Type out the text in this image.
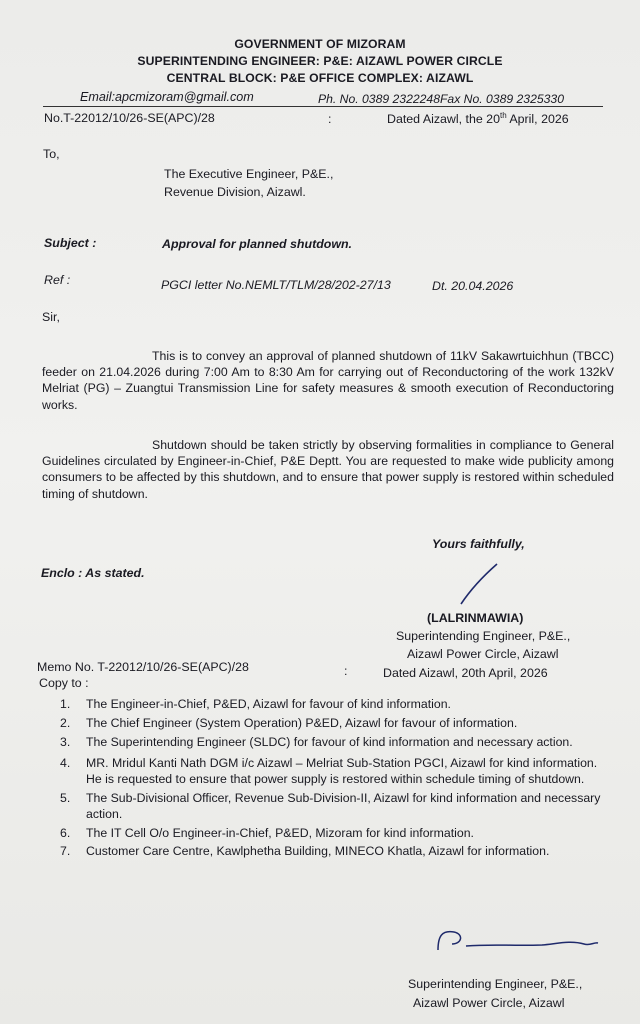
GOVERNMENT OF MIZORAM
SUPERINTENDING ENGINEER: P&E: AIZAWL POWER CIRCLE
CENTRAL BLOCK: P&E OFFICE COMPLEX: AIZAWL
Email:apcmizoram@gmail.com	Ph. No. 0389 2322248Fax No. 0389 2325330
No.T-22012/10/26-SE(APC)/28	:	Dated Aizawl, the 20th April, 2026
To,
The Executive Engineer, P&E.,
Revenue Division, Aizawl.
Subject :	Approval for planned shutdown.
Ref :	PGCI letter No.NEMLT/TLM/28/202-27/13	Dt. 20.04.2026
Sir,
This is to convey an approval of planned shutdown of 11kV Sakawrtuichhun (TBCC) feeder on 21.04.2026 during 7:00 Am to 8:30 Am for carrying out of Reconductoring of the work 132kV Melriat (PG) – Zuangtui Transmission Line for safety measures & smooth execution of Reconductoring works.
Shutdown should be taken strictly by observing formalities in compliance to General Guidelines circulated by Engineer-in-Chief, P&E Deptt. You are requested to make wide publicity among consumers to be affected by this shutdown, and to ensure that power supply is restored within scheduled timing of shutdown.
Yours faithfully,
Enclo : As stated.
(LALRINMAWIA)
Superintending Engineer, P&E.,
Aizawl Power Circle, Aizawl
Dated Aizawl, 20th April, 2026
Memo No. T-22012/10/26-SE(APC)/28	:
Copy to :
1. The Engineer-in-Chief, P&ED, Aizawl for favour of kind information.
2. The Chief Engineer (System Operation) P&ED, Aizawl for favour of information.
3. The Superintending Engineer (SLDC) for favour of kind information and necessary action.
4. MR. Mridul Kanti Nath DGM i/c Aizawl – Melriat Sub-Station PGCI, Aizawl for kind information. He is requested to ensure that power supply is restored within schedule timing of shutdown.
5. The Sub-Divisional Officer, Revenue Sub-Division-II, Aizawl for kind information and necessary action.
6. The IT Cell O/o Engineer-in-Chief, P&ED, Mizoram for kind information.
7. Customer Care Centre, Kawlphetha Building, MINECO Khatla, Aizawl for information.
Superintending Engineer, P&E.,
Aizawl Power Circle, Aizawl
